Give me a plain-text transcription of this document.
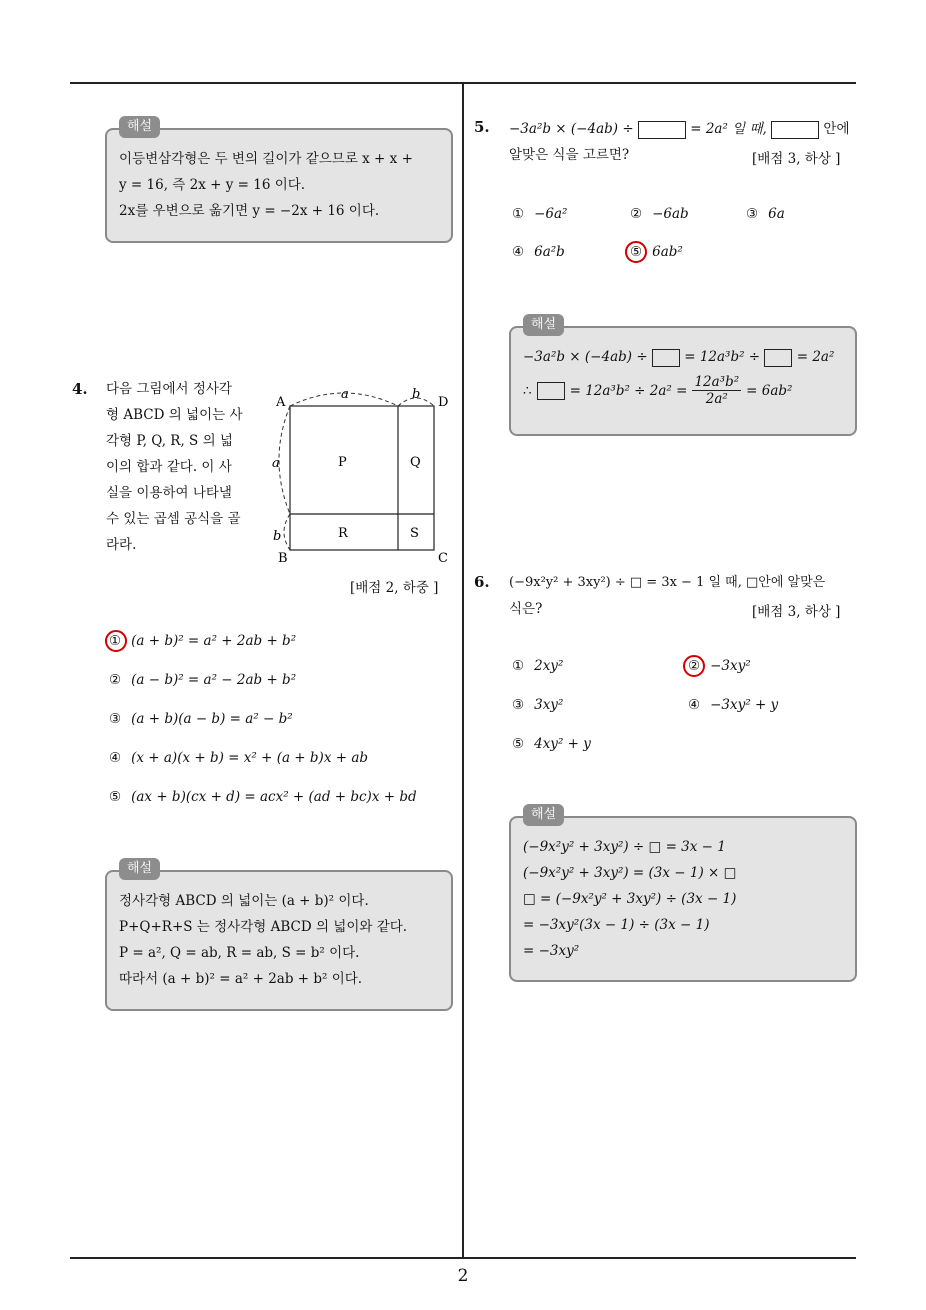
해설
이등변삼각형은 두 변의 길이가 같으므로 x + x +
y = 16, 즉 2x + y = 16 이다.
2x를 우변으로 옮기면 y = −2x + 16 이다.
4. 다음 그림에서 정사각
형 ABCD 의 넓이는 사
각형 P, Q, R, S 의 넓
이의 합과 같다. 이 사
실을 이용하여 나타낼
수 있는 곱셈 공식을 골
라라.
A	D
B	C
a	b
a
b
P	Q
R	S
[배점 2, 하중 ]
① (a + b)² = a² + 2ab + b²
② (a − b)² = a² − 2ab + b²
③ (a + b)(a − b) = a² − b²
④ (x + a)(x + b) = x² + (a + b)x + ab
⑤ (ax + b)(cx + d) = acx² + (ad + bc)x + bd
해설
정사각형 ABCD 의 넓이는 (a + b)² 이다.
P+Q+R+S 는 정사각형 ABCD 의 넓이와 같다.
P = a², Q = ab, R = ab, S = b² 이다.
따라서 (a + b)² = a² + 2ab + b² 이다.
5. −3a²b × (−4ab) ÷	= 2a² 일 때,	안에
알맞은 식을 고르면?	[배점 3, 하상 ]
① −6a²	② −6ab	③ 6a
④ 6a²b	⑤ 6ab²
해설
−3a²b × (−4ab) ÷	= 12a³b² ÷	= 2a²
∴	= $12a^3b^2 \div 2a^2 = \frac{\text{12a³b²}}{\text{2a²}} = 6ab^2$
6. (−9x²y² + 3xy²) ÷ □ = 3x − 1 일 때, □안에 알맞은
식은?	[배점 3, 하상 ]
① 2xy²	② −3xy²
③ 3xy²	④ −3xy² + y
⑤ 4xy² + y
해설
(−9x²y² + 3xy²) ÷ □ = 3x − 1
(−9x²y² + 3xy²) = (3x − 1) × □
□ = (−9x²y² + 3xy²) ÷ (3x − 1)
= −3xy²(3x − 1) ÷ (3x − 1)
= −3xy²
2
